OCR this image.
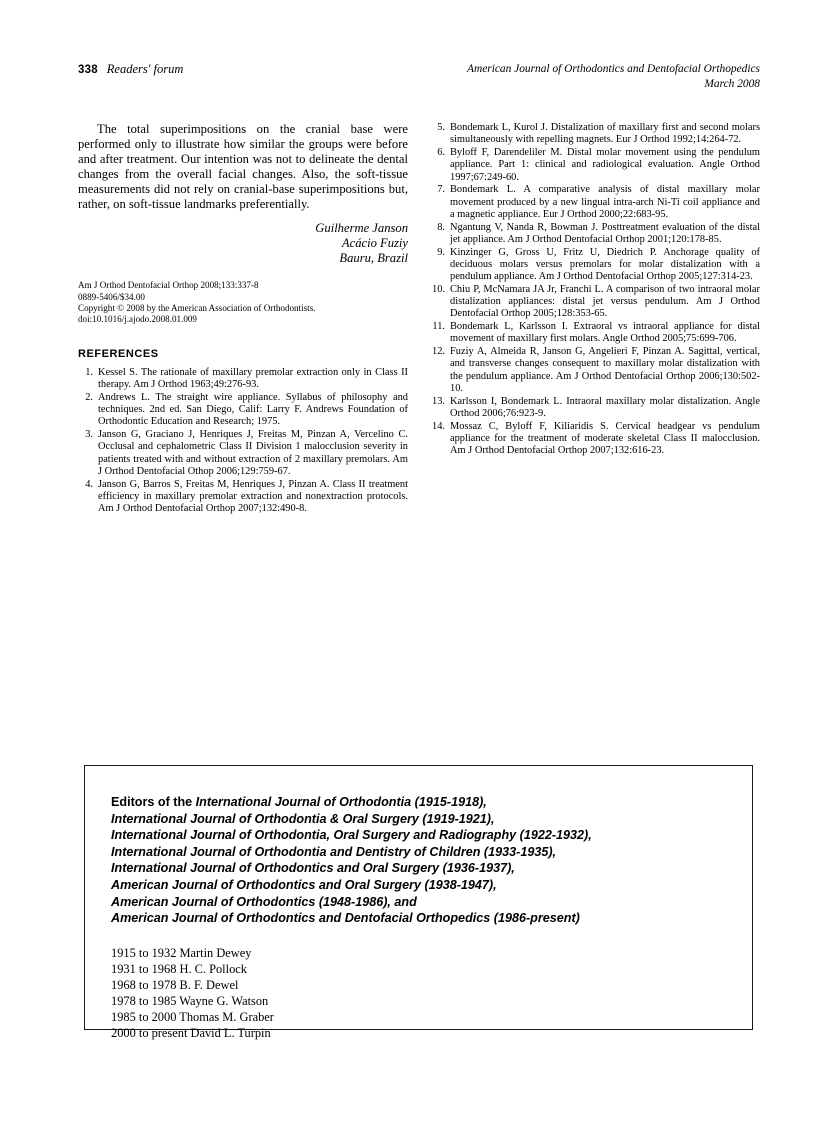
338 Readers' forum	American Journal of Orthodontics and Dentofacial Orthopedics
March 2008

The total superimpositions on the cranial base were performed only to illustrate how similar the groups were before and after treatment. Our intention was not to delineate the dental changes from the overall facial changes. Also, the soft-tissue measurements did not rely on cranial-base superimpositions but, rather, on soft-tissue landmarks preferentially.

Guilherme Janson
Acácio Fuziy
Bauru, Brazil
Am J Orthod Dentofacial Orthop 2008;133:337-8
0889-5406/$34.00
Copyright © 2008 by the American Association of Orthodontists.
doi:10.1016/j.ajodo.2008.01.009
REFERENCES
1. Kessel S. The rationale of maxillary premolar extraction only in Class II therapy. Am J Orthod 1963;49:276-93.
2. Andrews L. The straight wire appliance. Syllabus of philosophy and techniques. 2nd ed. San Diego, Calif: Larry F. Andrews Foundation of Orthodontic Education and Research; 1975.
3. Janson G, Graciano J, Henriques J, Freitas M, Pinzan A, Vercelino C. Occlusal and cephalometric Class II Division 1 malocclusion severity in patients treated with and without extraction of 2 maxillary premolars. Am J Orthod Dentofacial Othop 2006;129:759-67.
4. Janson G, Barros S, Freitas M, Henriques J, Pinzan A. Class II treatment efficiency in maxillary premolar extraction and nonextraction protocols. Am J Orthod Dentofacial Orthop 2007;132:490-8.
5. Bondemark L, Kurol J. Distalization of maxillary first and second molars simultaneously with repelling magnets. Eur J Orthod 1992;14:264-72.
6. Byloff F, Darendeliler M. Distal molar movement using the pendulum appliance. Part 1: clinical and radiological evaluation. Angle Orthod 1997;67:249-60.
7. Bondemark L. A comparative analysis of distal maxillary molar movement produced by a new lingual intra-arch Ni-Ti coil appliance and a magnetic appliance. Eur J Orthod 2000;22:683-95.
8. Ngantung V, Nanda R, Bowman J. Posttreatment evaluation of the distal jet appliance. Am J Orthod Dentofacial Orthop 2001;120:178-85.
9. Kinzinger G, Gross U, Fritz U, Diedrich P. Anchorage quality of deciduous molars versus premolars for molar distalization with a pendulum appliance. Am J Orthod Dentofacial Orthop 2005;127:314-23.
10. Chiu P, McNamara JA Jr, Franchi L. A comparison of two intraoral molar distalization appliances: distal jet versus pendulum. Am J Orthod Dentofacial Orthop 2005;128:353-65.
11. Bondemark L, Karlsson I. Extraoral vs intraoral appliance for distal movement of maxillary first molars. Angle Orthod 2005;75:699-706.
12. Fuziy A, Almeida R, Janson G, Angelieri F, Pinzan A. Sagittal, vertical, and transverse changes consequent to maxillary molar distalization with the pendulum appliance. Am J Orthod Dentofacial Orthop 2006;130:502-10.
13. Karlsson I, Bondemark L. Intraoral maxillary molar distalization. Angle Orthod 2006;76:923-9.
14. Mossaz C, Byloff F, Kiliaridis S. Cervical headgear vs pendulum appliance for the treatment of moderate skeletal Class II malocclusion. Am J Orthod Dentofacial Orthop 2007;132:616-23.
Editors of the International Journal of Orthodontia (1915-1918),
International Journal of Orthodontia & Oral Surgery (1919-1921),
International Journal of Orthodontia, Oral Surgery and Radiography (1922-1932),
International Journal of Orthodontia and Dentistry of Children (1933-1935),
International Journal of Orthodontics and Oral Surgery (1936-1937),
American Journal of Orthodontics and Oral Surgery (1938-1947),
American Journal of Orthodontics (1948-1986), and
American Journal of Orthodontics and Dentofacial Orthopedics (1986-present)
1915 to 1932 Martin Dewey
1931 to 1968 H. C. Pollock
1968 to 1978 B. F. Dewel
1978 to 1985 Wayne G. Watson
1985 to 2000 Thomas M. Graber
2000 to present David L. Turpin
